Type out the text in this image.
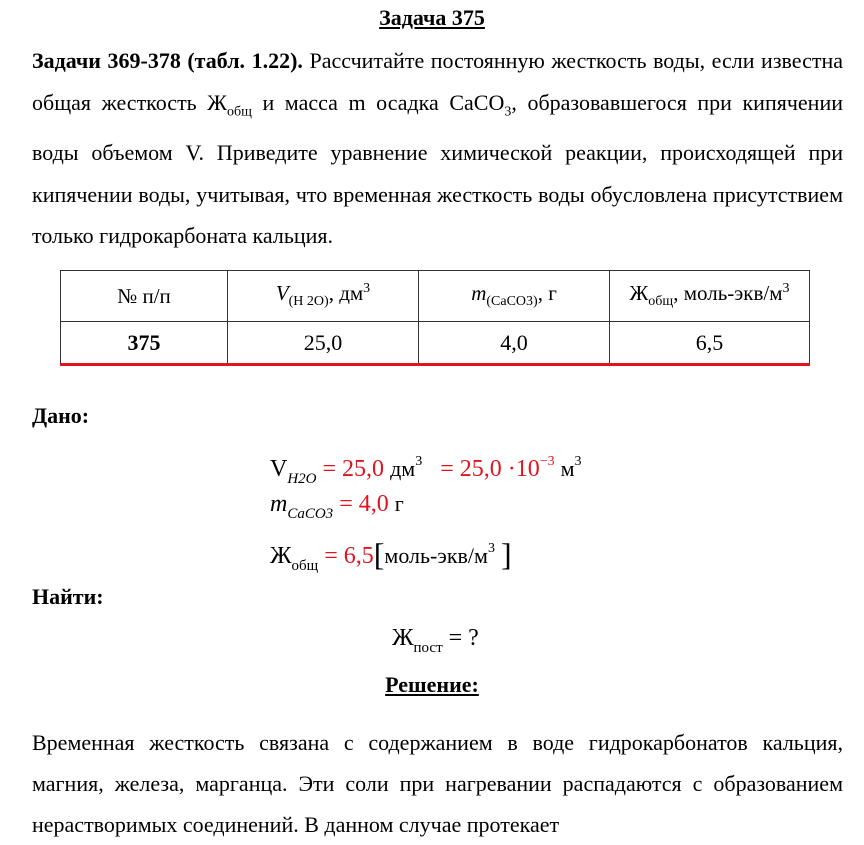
Задача 375
Задачи 369-378 (табл. 1.22). Рассчитайте постоянную жесткость воды, если известна общая жесткость $Ж_{общ}$ и масса m осадка CaCO$_3$, образовавшегося при кипячении воды объемом V. Приведите уравнение химической реакции, происходящей при кипячении воды, учитывая, что временная жесткость воды обусловлена присутствием только гидрокарбоната кальция.
№ п/п	$V_{(H 2O)}$, $дм^3$	$m_{(CaCO3)}$, г	$Ж_{общ}$, моль-$экв/м^3$
375	25,0	4,0	6,5
Дано:
$V_{H2O} = 25,0$ $дм^3 = 25,0 \cdot 10^{-3}$ $м^3$
$m_{CaCO3} = 4,0$ г
$Ж_{общ}$ = $6,5[моль-экв/м^3$ ]
Найти:
$Ж_{пост}$ = ?
Решение:
Временная жесткость связана с содержанием в воде гидрокарбонатов кальция, магния, железа, марганца. Эти соли при нагревании распадаются с образованием нерастворимых соединений. В данном случае протекает
